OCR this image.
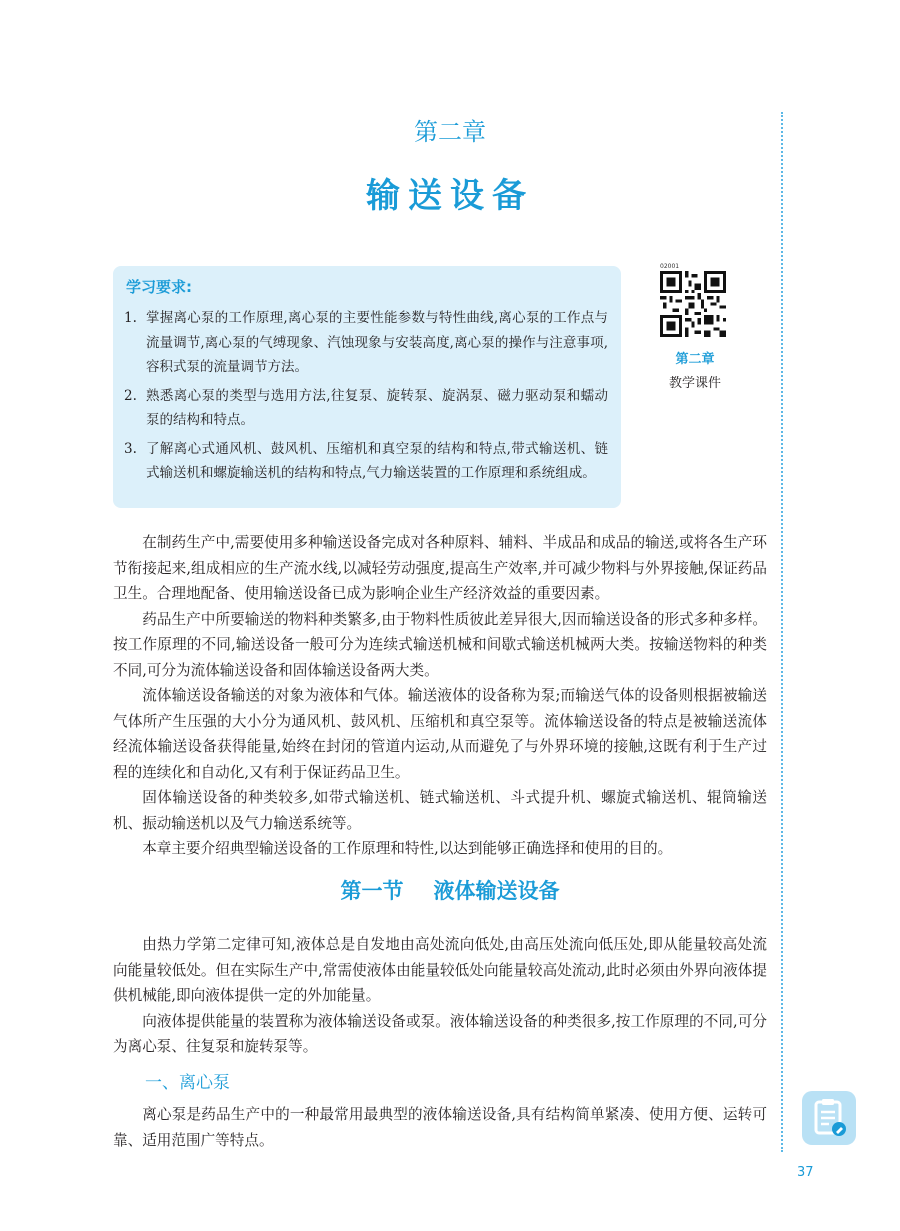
第二章
输送设备
学习要求:
1. 掌握离心泵的工作原理,离心泵的主要性能参数与特性曲线,离心泵的工作点与流量调节,离心泵的气缚现象、汽蚀现象与安装高度,离心泵的操作与注意事项,容积式泵的流量调节方法。
2. 熟悉离心泵的类型与选用方法,往复泵、旋转泵、旋涡泵、磁力驱动泵和蠕动泵的结构和特点。
3. 了解离心式通风机、鼓风机、压缩机和真空泵的结构和特点,带式输送机、链式输送机和螺旋输送机的结构和特点,气力输送装置的工作原理和系统组成。
02001
第二章
教学课件

在制药生产中,需要使用多种输送设备完成对各种原料、辅料、半成品和成品的输送,或将各生产环节衔接起来,组成相应的生产流水线,以减轻劳动强度,提高生产效率,并可减少物料与外界接触,保证药品卫生。合理地配备、使用输送设备已成为影响企业生产经济效益的重要因素。

药品生产中所要输送的物料种类繁多,由于物料性质彼此差异很大,因而输送设备的形式多种多样。按工作原理的不同,输送设备一般可分为连续式输送机械和间歇式输送机械两大类。按输送物料的种类不同,可分为流体输送设备和固体输送设备两大类。

流体输送设备输送的对象为液体和气体。输送液体的设备称为泵;而输送气体的设备则根据被输送气体所产生压强的大小分为通风机、鼓风机、压缩机和真空泵等。流体输送设备的特点是被输送流体经流体输送设备获得能量,始终在封闭的管道内运动,从而避免了与外界环境的接触,这既有利于生产过程的连续化和自动化,又有利于保证药品卫生。

固体输送设备的种类较多,如带式输送机、链式输送机、斗式提升机、螺旋式输送机、辊筒输送机、振动输送机以及气力输送系统等。

本章主要介绍典型输送设备的工作原理和特性,以达到能够正确选择和使用的目的。

第一节 液体输送设备

由热力学第二定律可知,液体总是自发地由高处流向低处,由高压处流向低压处,即从能量较高处流向能量较低处。但在实际生产中,常需使液体由能量较低处向能量较高处流动,此时必须由外界向液体提供机械能,即向液体提供一定的外加能量。

向液体提供能量的装置称为液体输送设备或泵。液体输送设备的种类很多,按工作原理的不同,可分为离心泵、往复泵和旋转泵等。

一、离心泵

离心泵是药品生产中的一种最常用最典型的液体输送设备,具有结构简单紧凑、使用方便、运转可靠、适用范围广等特点。

37
